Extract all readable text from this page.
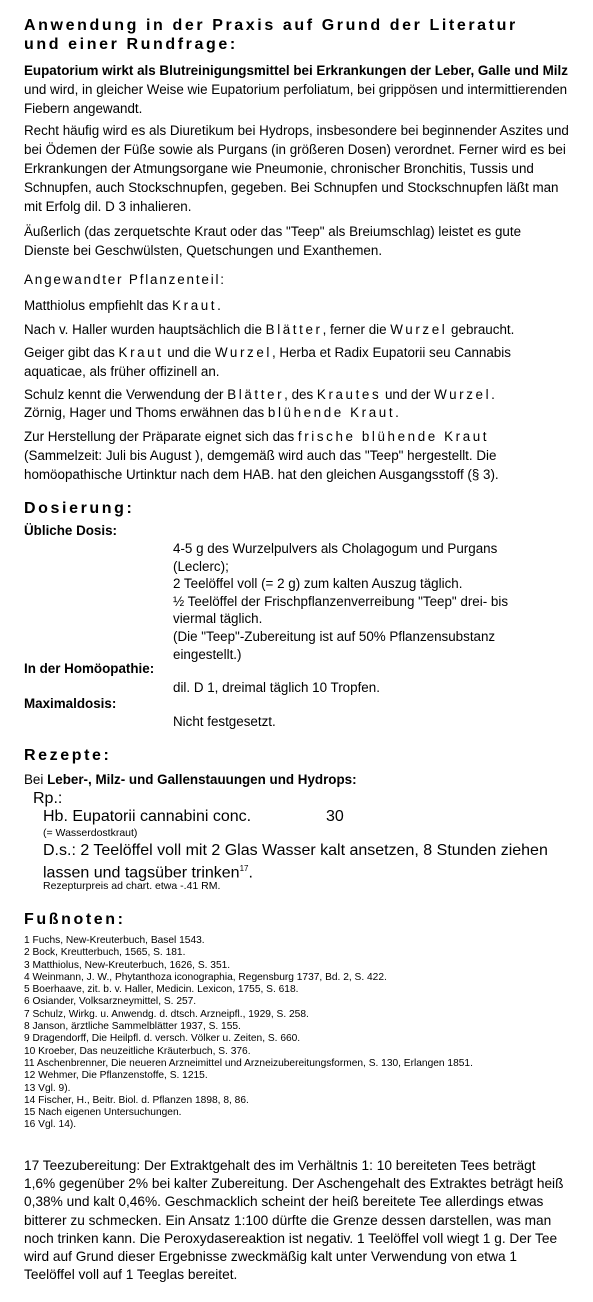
Anwendung in der Praxis auf Grund der Literatur
und einer Rundfrage:

Eupatorium wirkt als Blutreinigungsmittel bei Erkrankungen der Leber, Galle und Milz und wird, in gleicher Weise wie Eupatorium perfoliatum, bei grippösen und intermittierenden Fiebern angewandt.

Recht häufig wird es als Diuretikum bei Hydrops, insbesondere bei beginnender Aszites und bei Ödemen der Füße sowie als Purgans (in größeren Dosen) verordnet. Ferner wird es bei Erkrankungen der Atmungsorgane wie Pneumonie, chronischer Bronchitis, Tussis und Schnupfen, auch Stockschnupfen, gegeben. Bei Schnupfen und Stockschnupfen läßt man mit Erfolg dil. D 3 inhalieren.

Äußerlich (das zerquetschte Kraut oder das "Teep" als Breiumschlag) leistet es gute Dienste bei Geschwülsten, Quetschungen und Exanthemen.

Angewandter Pflanzenteil:

Matthiolus empfiehlt das Kraut.

Nach v. Haller wurden hauptsächlich die Blätter, ferner die Wurzel gebraucht.

Geiger gibt das Kraut und die Wurzel, Herba et Radix Eupatorii seu Cannabis aquaticae, als früher offizinell an.

Schulz kennt die Verwendung der Blätter, des Krautes und der Wurzel.

Zörnig, Hager und Thoms erwähnen das blühende Kraut.

Zur Herstellung der Präparate eignet sich das frische blühende Kraut (Sammelzeit: Juli bis August ), demgemäß wird auch das "Teep" hergestellt. Die homöopathische Urtinktur nach dem HAB. hat den gleichen Ausgangsstoff (§ 3).

Dosierung:
Übliche Dosis:
4-5 g des Wurzelpulvers als Cholagogum und Purgans (Leclerc);
2 Teelöffel voll (= 2 g) zum kalten Auszug täglich.
½ Teelöffel der Frischpflanzenverreibung "Teep" drei- bis viermal täglich.
(Die "Teep"-Zubereitung ist auf 50% Pflanzensubstanz eingestellt.)
In der Homöopathie:
dil. D 1, dreimal täglich 10 Tropfen.
Maximaldosis:
Nicht festgesetzt.
Rezepte:

Bei Leber-, Milz- und Gallenstauungen und Hydrops:

Rp.:
Hb. Eupatorii cannabini conc.	30
(= Wasserdostkraut)
D.s.: 2 Teelöffel voll mit 2 Glas Wasser kalt ansetzen, 8 Stunden ziehen
lassen und tagsüber trinken$^{17}$.
Rezepturpreis ad chart. etwa -.41 RM.
Fußnoten:
1 Fuchs, New-Kreuterbuch, Basel 1543.
2 Bock, Kreutterbuch, 1565, S. 181.
3 Matthiolus, New-Kreuterbuch, 1626, S. 351.
4 Weinmann, J. W., Phytanthoza iconographia, Regensburg 1737, Bd. 2, S. 422.
5 Boerhaave, zit. b. v. Haller, Medicin. Lexicon, 1755, S. 618.
6 Osiander, Volksarzneymittel, S. 257.
7 Schulz, Wirkg. u. Anwendg. d. dtsch. Arzneipfl., 1929, S. 258.
8 Janson, ärztliche Sammelblätter 1937, S. 155.
9 Dragendorff, Die Heilpfl. d. versch. Völker u. Zeiten, S. 660.
10 Kroeber, Das neuzeitliche Kräuterbuch, S. 376.
11 Aschenbrenner, Die neueren Arzneimittel und Arzneizubereitungsformen, S. 130, Erlangen 1851.
12 Wehmer, Die Pflanzenstoffe, S. 1215.
13 Vgl. 9).
14 Fischer, H., Beitr. Biol. d. Pflanzen 1898, 8, 86.
15 Nach eigenen Untersuchungen.
16 Vgl. 14).

17 Teezubereitung: Der Extraktgehalt des im Verhältnis 1: 10 bereiteten Tees beträgt 1,6% gegenüber 2% bei kalter Zubereitung. Der Aschengehalt des Extraktes beträgt heiß 0,38% und kalt 0,46%. Geschmacklich scheint der heiß bereitete Tee allerdings etwas bitterer zu schmecken. Ein Ansatz 1:100 dürfte die Grenze dessen darstellen, was man noch trinken kann. Die Peroxydasereaktion ist negativ. 1 Teelöffel voll wiegt 1 g. Der Tee wird auf Grund dieser Ergebnisse zweckmäßig kalt unter Verwendung von etwa 1 Teelöffel voll auf 1 Teeglas bereitet.
